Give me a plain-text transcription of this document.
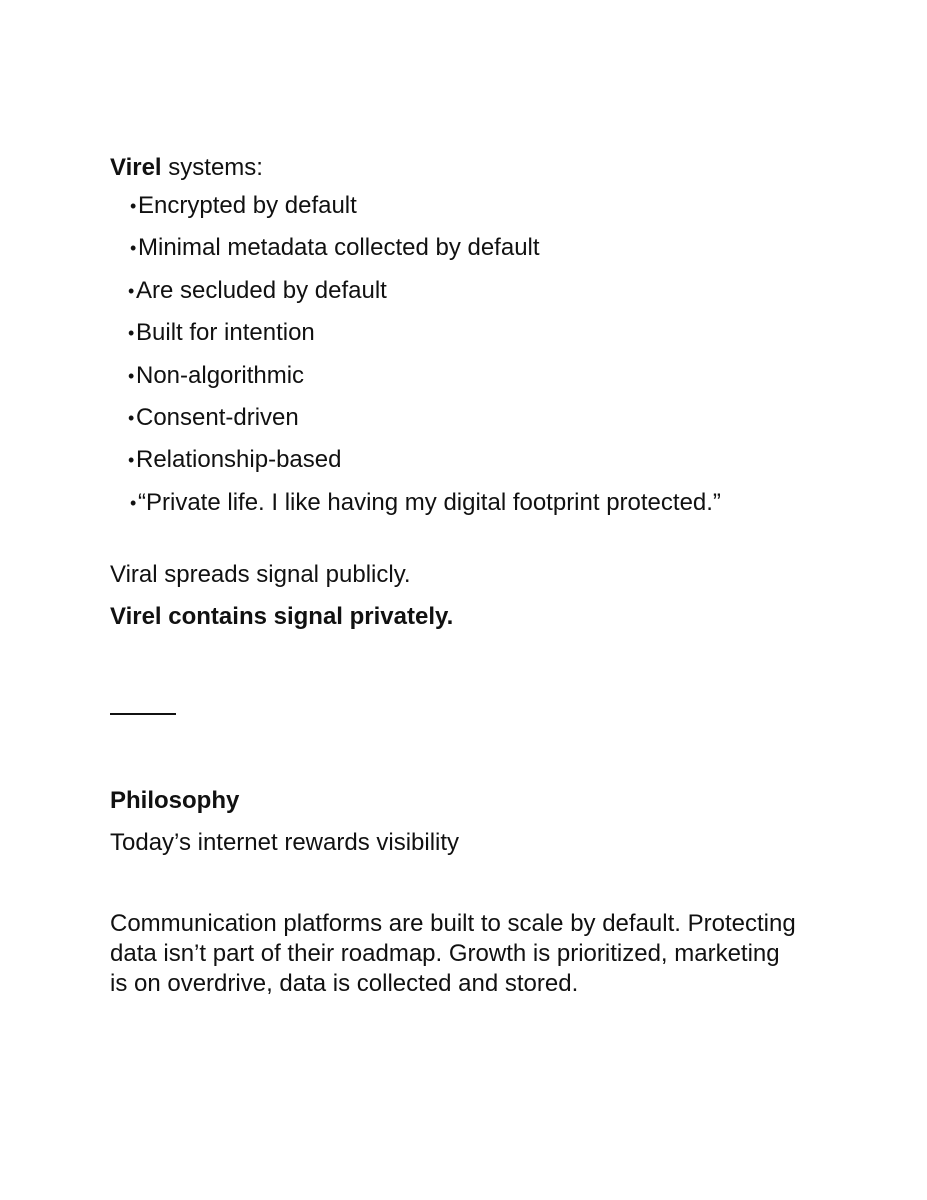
Virel systems:
• Encrypted by default
• Minimal metadata collected by default
• Are secluded by default
• Built for intention
• Non-algorithmic
• Consent-driven
• Relationship-based
• “Private life. I like having my digital footprint protected.”
Viral spreads signal publicly.
Virel contains signal privately.
Philosophy
Today’s internet rewards visibility
Communication platforms are built to scale by default. Protecting data isn’t part of their roadmap. Growth is prioritized, marketing is on overdrive, data is collected and stored.
